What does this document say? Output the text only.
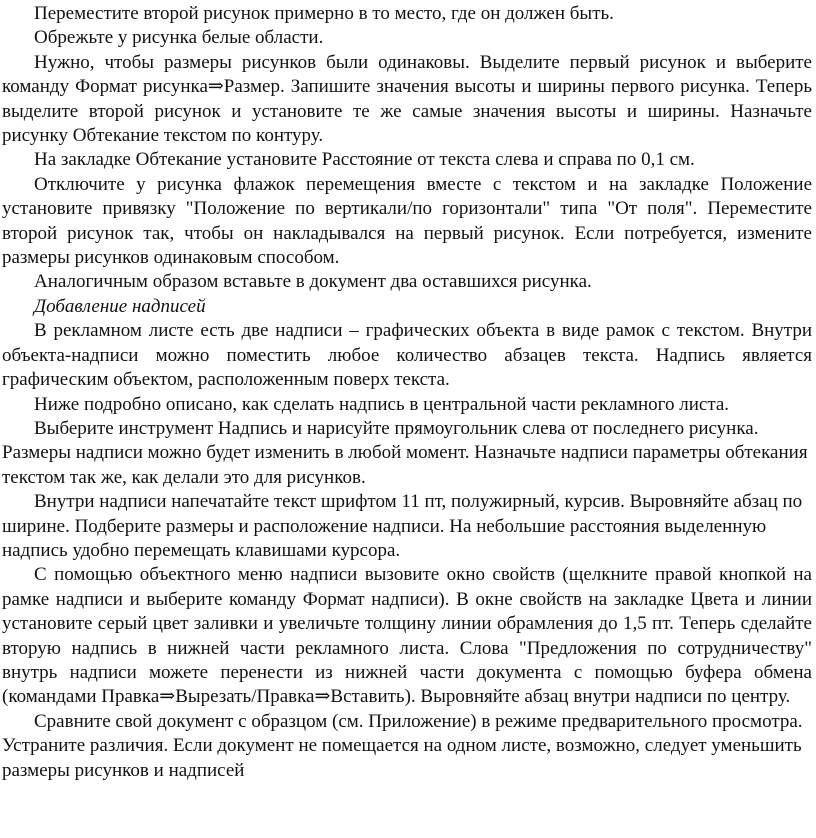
Переместите второй рисунок примерно в то место, где он должен быть.

Обрежьте у рисунка белые области.

Нужно, чтобы размеры рисунков были одинаковы. Выделите первый рисунок и выберите команду Формат рисунка⇒Размер. Запишите значения высоты и ширины первого рисунка. Теперь выделите второй рисунок и установите те же самые значения высоты и ширины. Назначьте рисунку Обтекание текстом по контуру.

На закладке Обтекание установите Расстояние от текста слева и справа по 0,1 см.

Отключите у рисунка флажок перемещения вместе с текстом и на закладке Положение установите привязку "Положение по вертикали/по горизонтали" типа "От поля". Переместите второй рисунок так, чтобы он накладывался на первый рисунок. Если потребуется, измените размеры рисунков одинаковым способом.

Аналогичным образом вставьте в документ два оставшихся рисунка.

Добавление надписей

В рекламном листе есть две надписи – графических объекта в виде рамок с текстом. Внутри объекта-надписи можно поместить любое количество абзацев текста. Надпись является графическим объектом, расположенным поверх текста.

Ниже подробно описано, как сделать надпись в центральной части рекламного листа.

Выберите инструмент Надпись и нарисуйте прямоугольник слева от последнего рисунка. Размеры надписи можно будет изменить в любой момент. Назначьте надписи параметры обтекания текстом так же, как делали это для рисунков.

Внутри надписи напечатайте текст шрифтом 11 пт, полужирный, курсив. Выровняйте абзац по ширине. Подберите размеры и расположение надписи. На небольшие расстояния выделенную надпись удобно перемещать клавишами курсора.

С помощью объектного меню надписи вызовите окно свойств (щелкните правой кнопкой на рамке надписи и выберите команду Формат надписи). В окне свойств на закладке Цвета и линии установите серый цвет заливки и увеличьте толщину линии обрамления до 1,5 пт. Теперь сделайте вторую надпись в нижней части рекламного листа. Слова "Предложения по сотрудничеству" внутрь надписи можете перенести из нижней части документа с помощью буфера обмена (командами Правка⇒Вырезать/Правка⇒Вставить). Выровняйте абзац внутри надписи по центру.

Сравните свой документ с образцом (см. Приложение) в режиме предварительного просмотра. Устраните различия. Если документ не помещается на одном листе, возможно, следует уменьшить размеры рисунков и надписей
